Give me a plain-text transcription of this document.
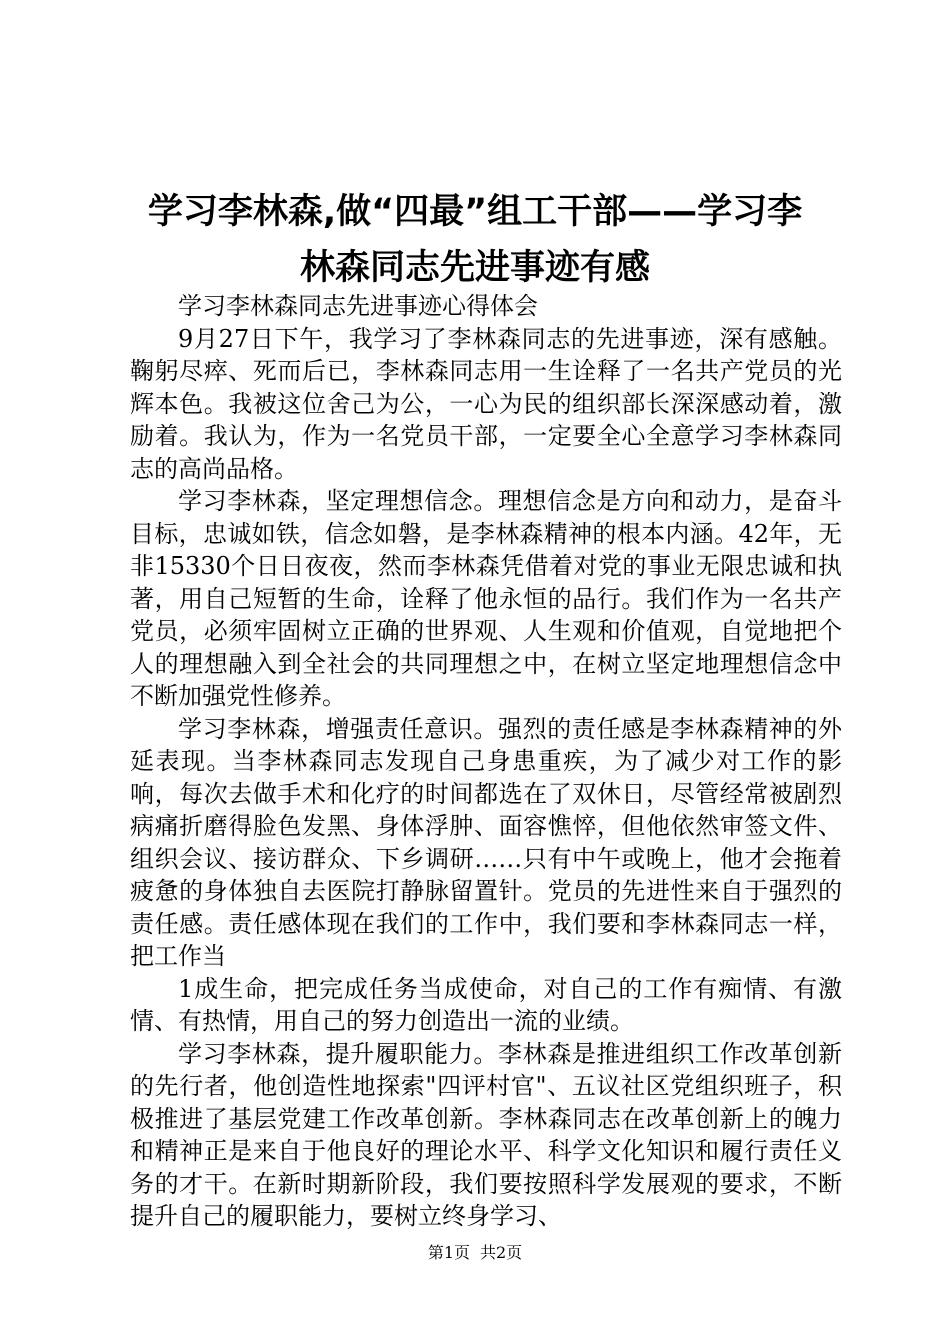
学习李林森,做“四最”组工干部——学习李
林森同志先进事迹有感

学习李林森同志先进事迹心得体会

9月27日下午，我学习了李林森同志的先进事迹，深有感触。鞠躬尽瘁、死而后已，李林森同志用一生诠释了一名共产党员的光辉本色。我被这位舍己为公，一心为民的组织部长深深感动着，激励着。我认为，作为一名党员干部，一定要全心全意学习李林森同志的高尚品格。

学习李林森，坚定理想信念。理想信念是方向和动力，是奋斗目标，忠诚如铁，信念如磐，是李林森精神的根本内涵。42年，无非15330个日日夜夜，然而李林森凭借着对党的事业无限忠诚和执著，用自己短暂的生命，诠释了他永恒的品行。我们作为一名共产党员，必须牢固树立正确的世界观、人生观和价值观，自觉地把个人的理想融入到全社会的共同理想之中，在树立坚定地理想信念中不断加强党性修养。

学习李林森，增强责任意识。强烈的责任感是李林森精神的外延表现。当李林森同志发现自己身患重疾，为了减少对工作的影响，每次去做手术和化疗的时间都选在了双休日，尽管经常被剧烈病痛折磨得脸色发黑、身体浮肿、面容憔悴，但他依然审签文件、组织会议、接访群众、下乡调研……只有中午或晚上，他才会拖着疲惫的身体独自去医院打静脉留置针。党员的先进性来自于强烈的责任感。责任感体现在我们的工作中，我们要和李林森同志一样，把工作当

1成生命，把完成任务当成使命，对自己的工作有痴情、有激情、有热情，用自己的努力创造出一流的业绩。

学习李林森，提升履职能力。李林森是推进组织工作改革创新的先行者，他创造性地探索"四评村官"、五议社区党组织班子，积极推进了基层党建工作改革创新。李林森同志在改革创新上的魄力和精神正是来自于他良好的理论水平、科学文化知识和履行责任义务的才干。在新时期新阶段，我们要按照科学发展观的要求，不断提升自己的履职能力，要树立终身学习、

第1页 共2页
